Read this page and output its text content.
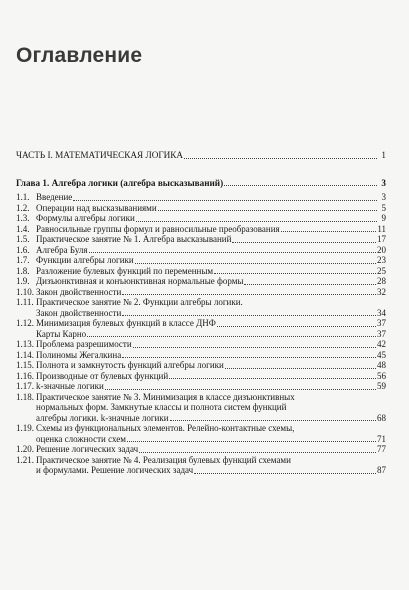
Оглавление
ЧАСТЬ I. МАТЕМАТИЧЕСКАЯ ЛОГИКА	1
Глава 1. Алгебра логики (алгебра высказываний)	3
1.1. Введение	3
1.2. Операции над высказываниями	5
1.3. Формулы алгебры логики	9
1.4. Равносильные группы формул и равносильные преобразования	11
1.5. Практическое занятие № 1. Алгебра высказываний	17
1.6. Алгебра Буля	20
1.7. Функции алгебры логики	23
1.8. Разложение булевых функций по переменным	25
1.9. Дизъюнктивная и конъюнктивная нормальные формы	28
1.10. Закон двойственности	32
1.11. Практическое занятие № 2. Функции алгебры логики.
Закон двойственности	34
1.12. Минимизация булевых функций в классе ДНФ	37
Карты Карно	37
1.13. Проблема разрешимости	42
1.14. Полиномы Жегалкина	45
1.15. Полнота и замкнутость функций алгебры логики	48
1.16. Производные от булевых функций	56
1.17. k-значные логики	59
1.18. Практическое занятие № 3. Минимизация в классе дизъюнктивных
нормальных форм. Замкнутые классы и полнота систем функций
алгебры логики. k-значные логики	68
1.19. Схемы из функциональных элементов. Релейно-контактные схемы,
оценка сложности схем	71
1.20. Решение логических задач	77
1.21. Практическое занятие № 4. Реализация булевых функций схемами
и формулами. Решение логических задач	87
